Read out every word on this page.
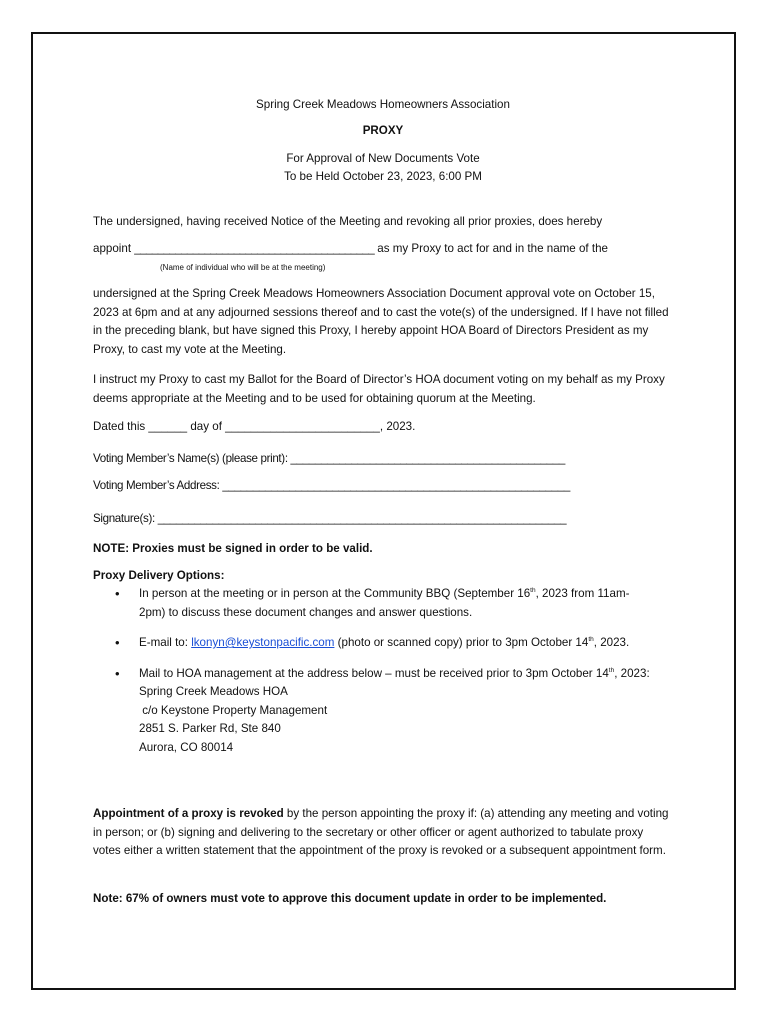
Spring Creek Meadows Homeowners Association
PROXY
For Approval of New Documents Vote
To be Held October 23, 2023, 6:00 PM
The undersigned, having received Notice of the Meeting and revoking all prior proxies, does hereby
appoint _________________________________________ as my Proxy to act for and in the name of the
(Name of individual who will be at the meeting)
undersigned at the Spring Creek Meadows Homeowners Association Document approval vote on October 15, 2023 at 6pm and at any adjourned sessions thereof and to cast the vote(s) of the undersigned. If I have not filled in the preceding blank, but have signed this Proxy, I hereby appoint HOA Board of Directors President as my Proxy, to cast my vote at the Meeting.
I instruct my Proxy to cast my Ballot for the Board of Director’s HOA document voting on my behalf as my Proxy deems appropriate at the Meeting and to be used for obtaining quorum at the Meeting.
Dated this ______ day of ________________________, 2023.
Voting Member’s Name(s) (please print): _____________________________________________
Voting Member’s Address: _________________________________________________________
Signature(s): ___________________________________________________________________
NOTE: Proxies must be signed in order to be valid.
Proxy Delivery Options:
• In person at the meeting or in person at the Community BBQ (September 16th, 2023 from 11am-2pm) to discuss these document changes and answer questions.
• E-mail to: lkonyn@keystonpacific.com (photo or scanned copy) prior to 3pm October 14th, 2023.
• Mail to HOA management at the address below – must be received prior to 3pm October 14th, 2023:
Spring Creek Meadows HOA
c/o Keystone Property Management
2851 S. Parker Rd, Ste 840
Aurora, CO 80014
Appointment of a proxy is revoked by the person appointing the proxy if: (a) attending any meeting and voting in person; or (b) signing and delivering to the secretary or other officer or agent authorized to tabulate proxy votes either a written statement that the appointment of the proxy is revoked or a subsequent appointment form.
Note: 67% of owners must vote to approve this document update in order to be implemented.
